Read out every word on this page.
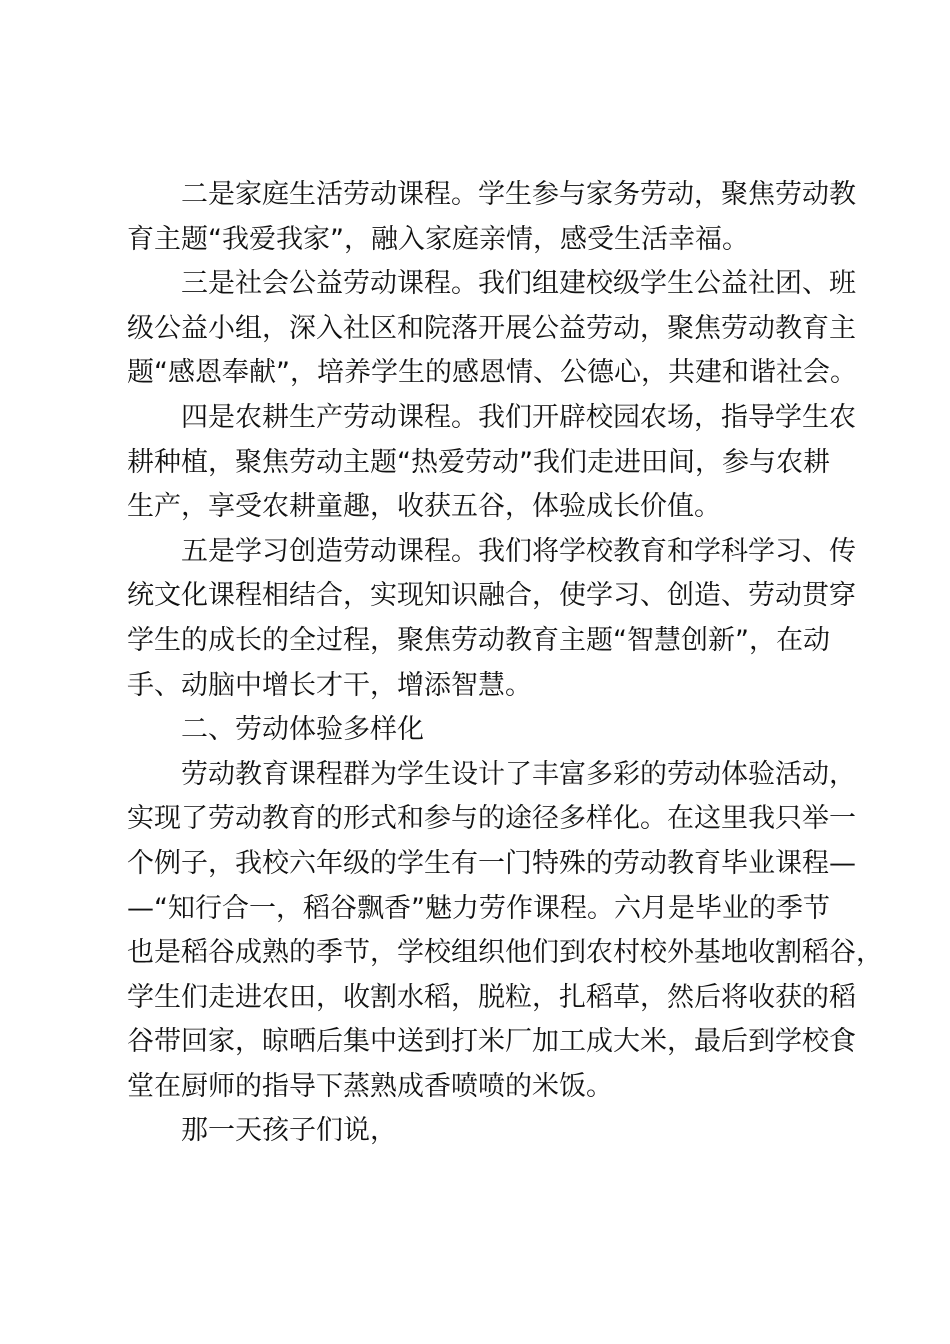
二是家庭生活劳动课程。学生参与家务劳动，聚焦劳动教
育主题“我爱我家”，融入家庭亲情，感受生活幸福。
三是社会公益劳动课程。我们组建校级学生公益社团、班
级公益小组，深入社区和院落开展公益劳动，聚焦劳动教育主
题“感恩奉献”，培养学生的感恩情、公德心，共建和谐社会。
四是农耕生产劳动课程。我们开辟校园农场，指导学生农
耕种植，聚焦劳动主题“热爱劳动”我们走进田间，参与农耕
生产，享受农耕童趣，收获五谷，体验成长价值。
五是学习创造劳动课程。我们将学校教育和学科学习、传
统文化课程相结合，实现知识融合，使学习、创造、劳动贯穿
学生的成长的全过程，聚焦劳动教育主题“智慧创新”，在动
手、动脑中增长才干，增添智慧。
二、劳动体验多样化
劳动教育课程群为学生设计了丰富多彩的劳动体验活动，
实现了劳动教育的形式和参与的途径多样化。在这里我只举一
个例子，我校六年级的学生有一门特殊的劳动教育毕业课程—
—“知行合一，稻谷飘香”魅力劳作课程。六月是毕业的季节
也是稻谷成熟的季节，学校组织他们到农村校外基地收割稻谷，
学生们走进农田，收割水稻，脱粒，扎稻草，然后将收获的稻
谷带回家，晾晒后集中送到打米厂加工成大米，最后到学校食
堂在厨师的指导下蒸熟成香喷喷的米饭。
那一天孩子们说，
